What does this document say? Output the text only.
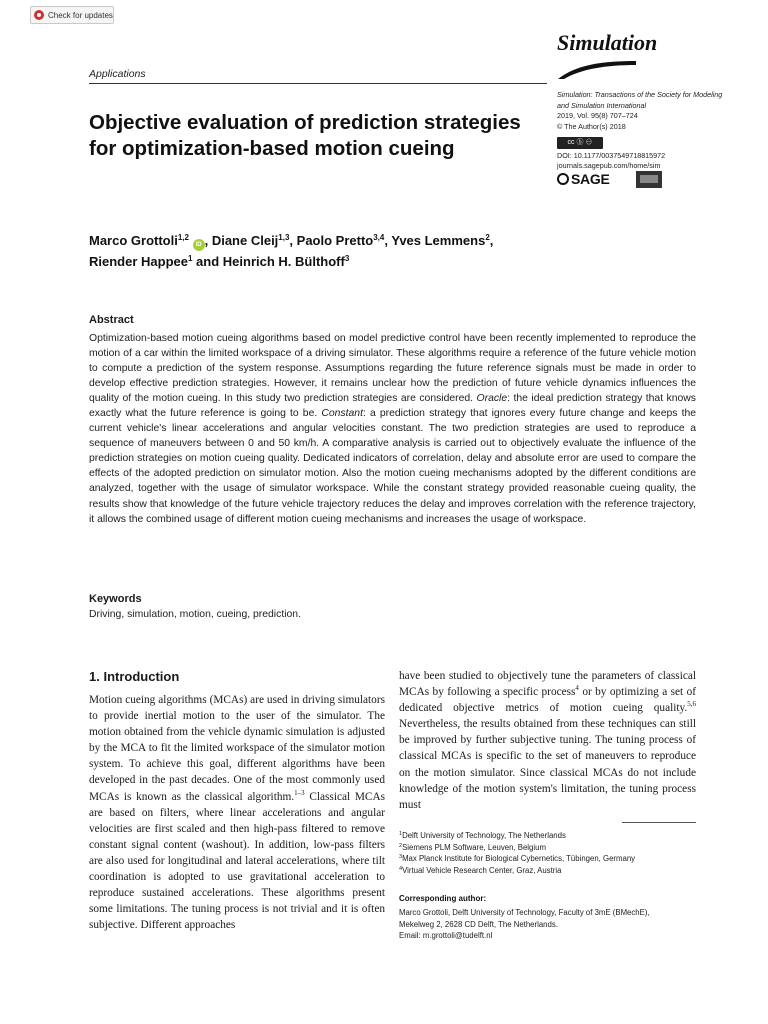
Check for updates
Simulation
Applications
Simulation: Transactions of the Society for Modeling and Simulation International
2019, Vol. 95(8) 707–724
© The Author(s) 2018
cc ⓑ ⊖
DOI: 10.1177/0037549718815972
journals.sagepub.com/home/sim
SAGE
Objective evaluation of prediction strategies for optimization-based motion cueing
Marco Grottoli$^{1,2}$ iD , Diane Cleij$^{1,3}$, Paolo Pretto$^{3,4}$, Yves Lemmens$^2$,
Riender Happee$^1$ and Heinrich H. Bülthoff$^3$
Abstract

Optimization-based motion cueing algorithms based on model predictive control have been recently implemented to reproduce the motion of a car within the limited workspace of a driving simulator. These algorithms require a reference of the future vehicle motion to compute a prediction of the system response. Assumptions regarding the future reference signals must be made in order to develop effective prediction strategies. However, it remains unclear how the prediction of future vehicle dynamics influences the quality of the motion cueing. In this study two prediction strategies are considered. Oracle: the ideal prediction strategy that knows exactly what the future reference is going to be. Constant: a prediction strategy that ignores every future change and keeps the current vehicle's linear accelerations and angular velocities constant. The two prediction strategies are used to reproduce a sequence of maneuvers between 0 and 50 km/h. A comparative analysis is carried out to objectively evaluate the influence of the prediction strategies on motion cueing quality. Dedicated indicators of correlation, delay and absolute error are used to compare the effects of the adopted prediction on simulator motion. Also the motion cueing mechanisms adopted by the different conditions are analyzed, together with the usage of simulator workspace. While the constant strategy provided reasonable cueing quality, the results show that knowledge of the future vehicle trajectory reduces the delay and improves correlation with the reference trajectory, it allows the combined usage of different motion cueing mechanisms and increases the usage of workspace.

Keywords
Driving, simulation, motion, cueing, prediction.
1. Introduction

Motion cueing algorithms (MCAs) are used in driving simulators to provide inertial motion to the user of the simulator. The motion obtained from the vehicle dynamic simulation is adjusted by the MCA to fit the limited workspace of the simulator motion system. To achieve this goal, different algorithms have been developed in the past decades. One of the most commonly used MCAs is known as the classical algorithm.$^{1-3}$ Classical MCAs are based on filters, where linear accelerations and angular velocities are first scaled and then high-pass filtered to remove constant signal content (washout). In addition, low-pass filters are also used for longitudinal and lateral accelerations, where tilt coordination is adopted to use gravitational acceleration to reproduce sustained accelerations. These algorithms present some limitations. The tuning process is not trivial and it is often subjective. Different approaches

have been studied to objectively tune the parameters of classical MCAs by following a specific process$^4$ or by optimizing a set of dedicated objective metrics of motion cueing quality.$^{5,6}$ Nevertheless, the results obtained from these techniques can still be improved by further subjective tuning. The tuning process of classical MCAs is specific to the set of maneuvers to reproduce on the motion simulator. Since classical MCAs do not include knowledge of the motion system's limitation, the tuning process must

$^1$Delft University of Technology, The Netherlands
$^2$Siemens PLM Software, Leuven, Belgium
$^3$Max Planck Institute for Biological Cybernetics, Tübingen, Germany
$^4$Virtual Vehicle Research Center, Graz, Austria
Corresponding author:
Marco Grottoli, Delft University of Technology, Faculty of 3mE (BMechE),
Mekelweg 2, 2628 CD Delft, The Netherlands.
Email: m.grottoli@tudelft.nl
